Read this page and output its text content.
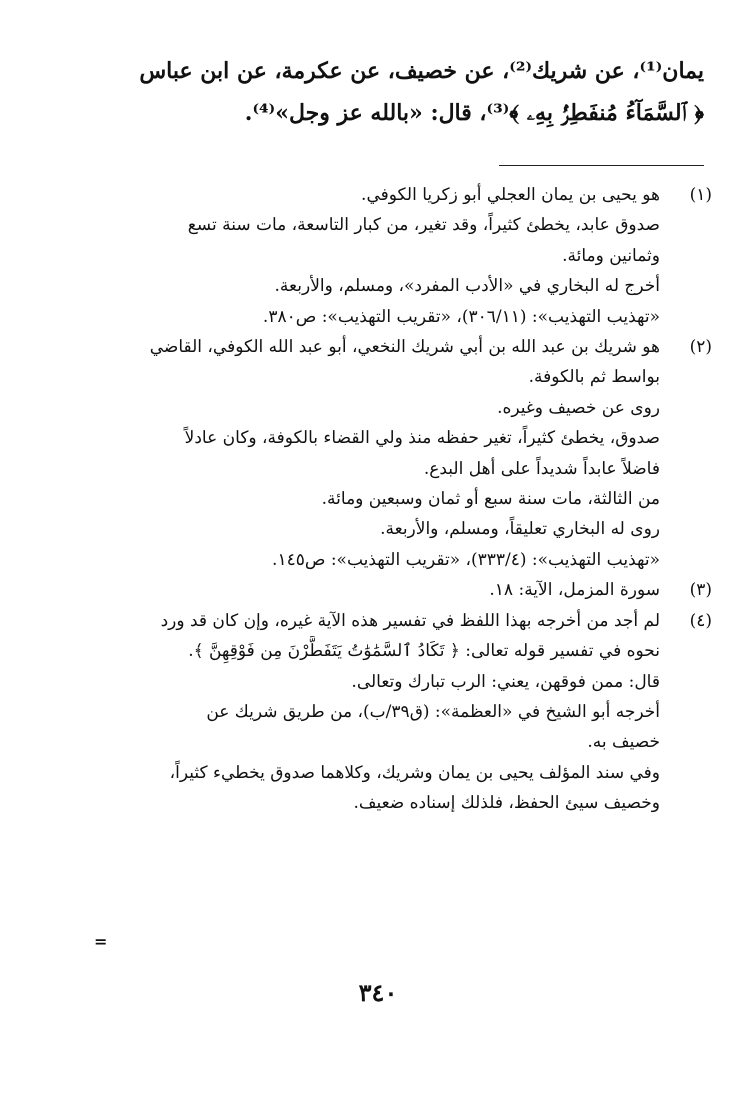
يمان⁽¹⁾، عن شريك⁽²⁾، عن خصيف، عن عكرمة، عن ابن عباس
﴿ ٱلسَّمَآءُ مُنفَطِرُۢ بِهِۦ ﴾⁽³⁾، قال: «بالله عز وجل»⁽⁴⁾.
(١)
هو يحيى بن يمان العجلي أبو زكريا الكوفي.
صدوق عابد، يخطئ كثيراً، وقد تغير، من كبار التاسعة، مات سنة تسع
وثمانين ومائة.
أخرج له البخاري في «الأدب المفرد»، ومسلم، والأربعة.
«تهذيب التهذيب»: (٣٠٦/١١)، «تقريب التهذيب»: ص٣٨٠.
(٢)
هو شريك بن عبد الله بن أبي شريك النخعي، أبو عبد الله الكوفي، القاضي
بواسط ثم بالكوفة.
روى عن خصيف وغيره.
صدوق، يخطئ كثيراً، تغير حفظه منذ ولي القضاء بالكوفة، وكان عادلاً
فاضلاً عابداً شديداً على أهل البدع.
من الثالثة، مات سنة سبع أو ثمان وسبعين ومائة.
روى له البخاري تعليقاً، ومسلم، والأربعة.
«تهذيب التهذيب»: (٣٣٣/٤)، «تقريب التهذيب»: ص١٤٥.
(٣)
سورة المزمل، الآية: ١٨.
(٤)
لم أجد من أخرجه بهذا اللفظ في تفسير هذه الآية غيره، وإن كان قد ورد
نحوه في تفسير قوله تعالى: ﴿ تَكَادُ ٱلسَّمَٰوَٰتُ يَتَفَطَّرْنَ مِن فَوْقِهِنَّ ﴾.
قال: ممن فوقهن، يعني: الرب تبارك وتعالى.
أخرجه أبو الشيخ في «العظمة»: (ق٣٩/ب)، من طريق شريك عن
خصيف به.
وفي سند المؤلف يحيى بن يمان وشريك، وكلاهما صدوق يخطيء كثيراً،
وخصيف سيئ الحفظ، فلذلك إسناده ضعيف.
=
٣٤٠
